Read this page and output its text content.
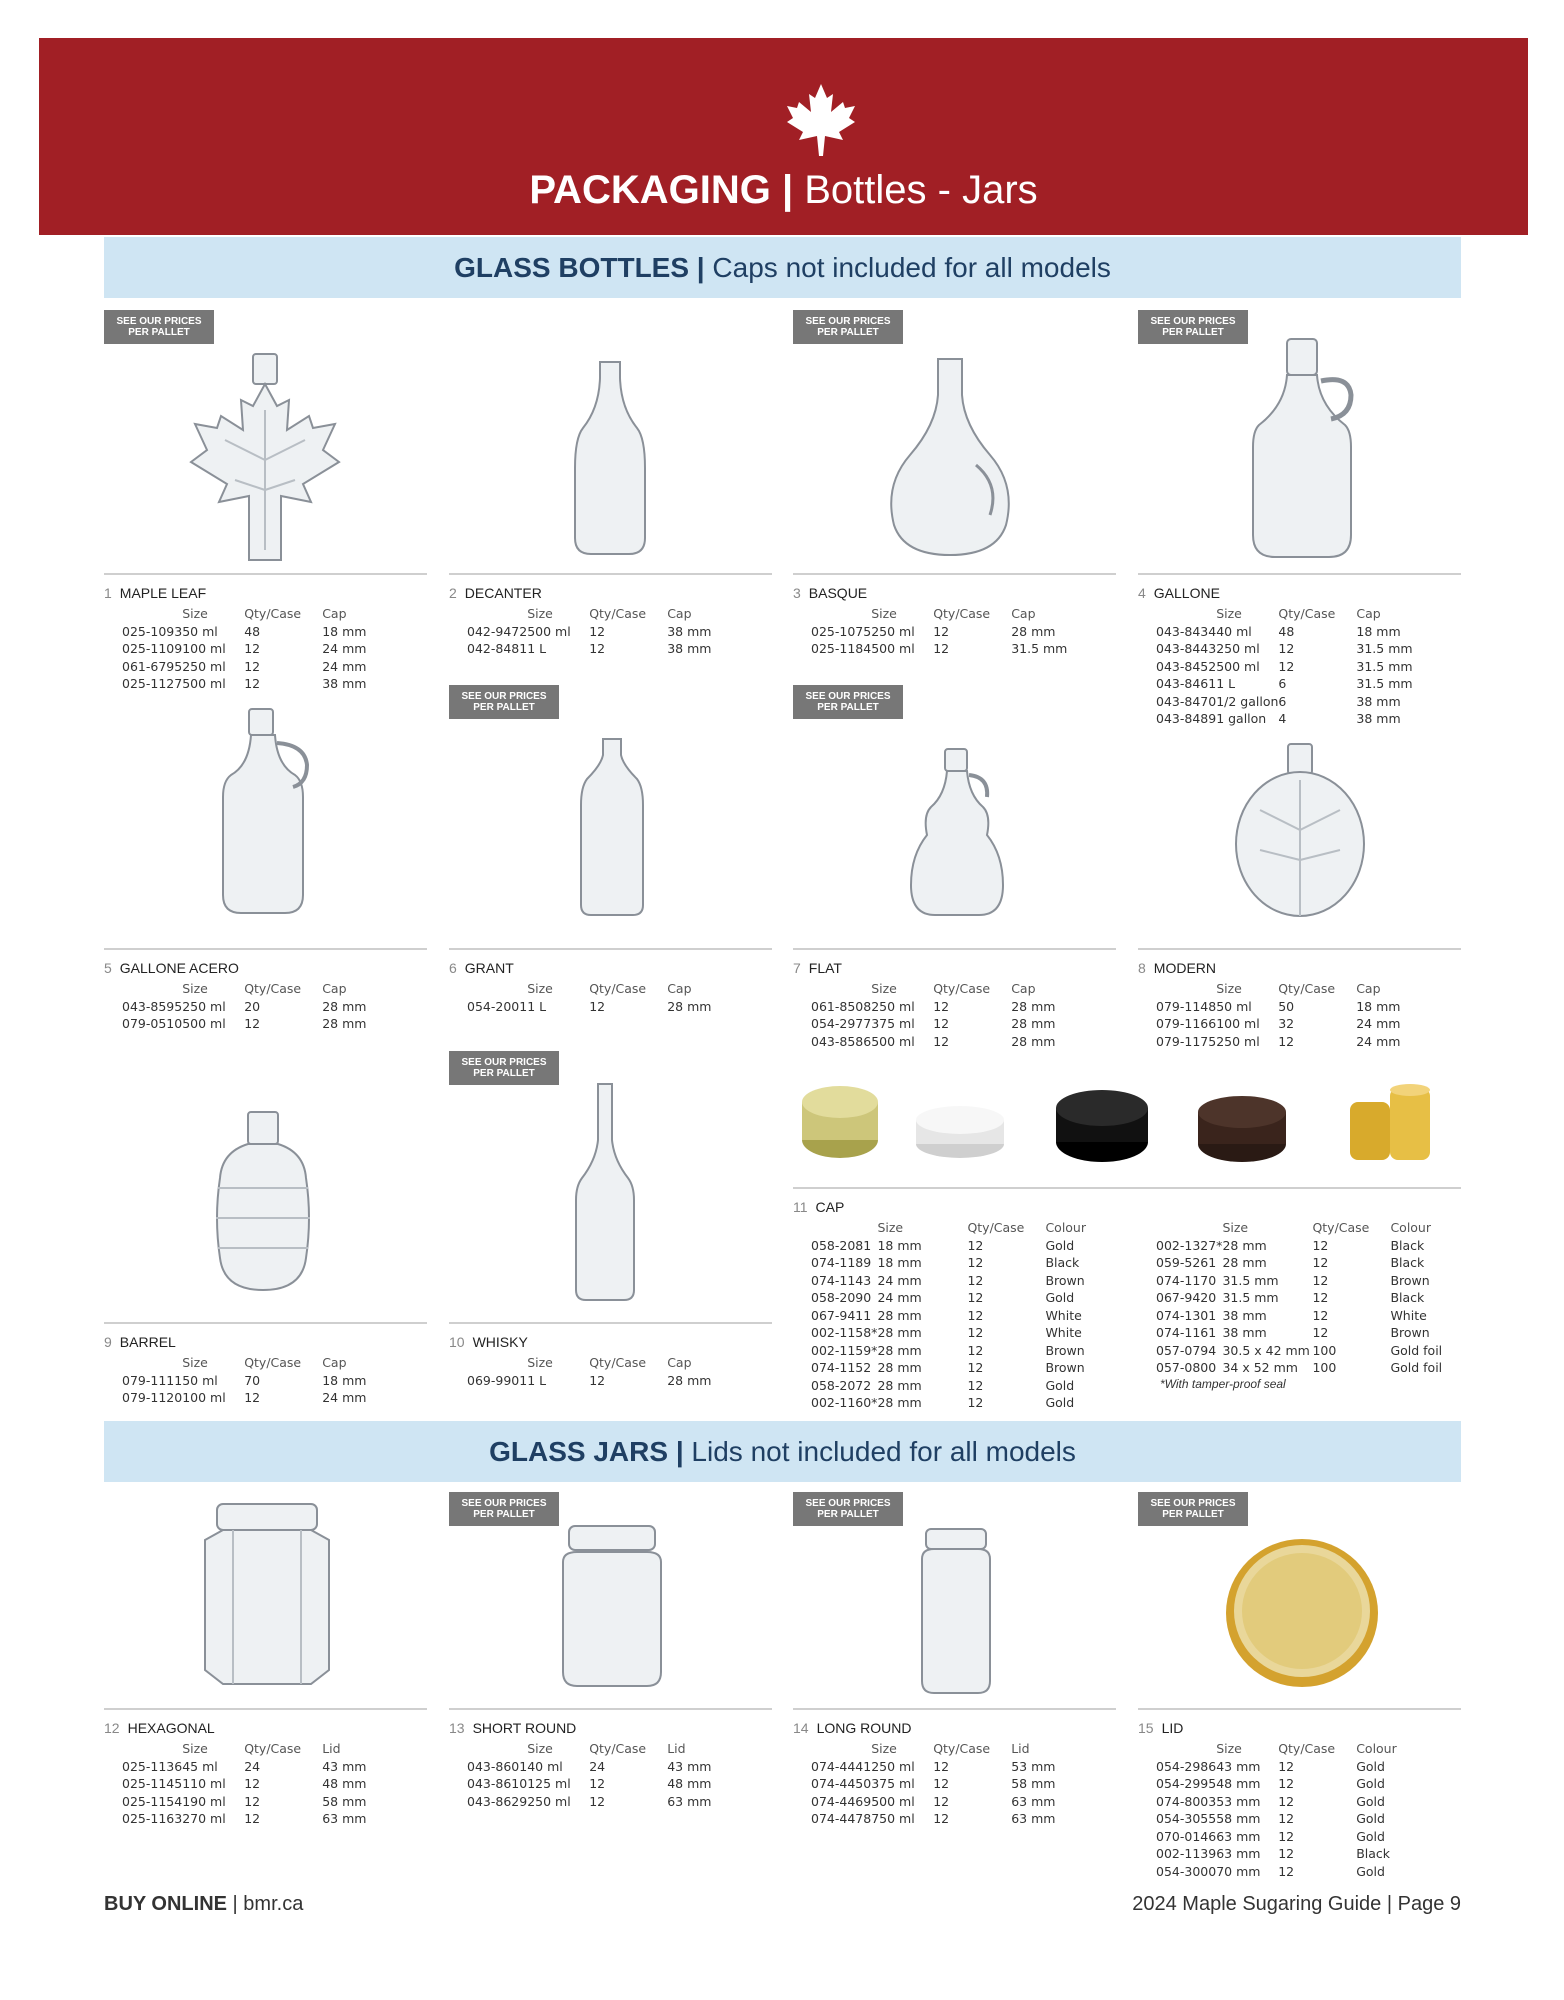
PACKAGING | Bottles - Jars
GLASS BOTTLES | Caps not included for all models
SEE OUR PRICES
PER PALLET
SEE OUR PRICES
PER PALLET
SEE OUR PRICES
PER PALLET
SEE OUR PRICES
PER PALLET
SEE OUR PRICES
PER PALLET
SEE OUR PRICES
PER PALLET
SEE OUR PRICES
PER PALLET
SEE OUR PRICES
PER PALLET
SEE OUR PRICES
PER PALLET
1 MAPLE LEAF
	Size	Qty/Case	Cap
025-1093	50 ml	48	18 mm
025-1109	100 ml	12	24 mm
061-6795	250 ml	12	24 mm
025-1127	500 ml	12	38 mm
2 DECANTER
	Size	Qty/Case	Cap
042-9472	500 ml	12	38 mm
042-8481	1 L	12	38 mm
3 BASQUE
	Size	Qty/Case	Cap
025-1075	250 ml	12	28 mm
025-1184	500 ml	12	31.5 mm
4 GALLONE
	Size	Qty/Case	Cap
043-8434	40 ml	48	18 mm
043-8443	250 ml	12	31.5 mm
043-8452	500 ml	12	31.5 mm
043-8461	1 L	6	31.5 mm
043-8470	1/2 gallon	6	38 mm
043-8489	1 gallon	4	38 mm
5 GALLONE ACERO
	Size	Qty/Case	Cap
043-8595	250 ml	20	28 mm
079-0510	500 ml	12	28 mm
6 GRANT
	Size	Qty/Case	Cap
054-2001	1 L	12	28 mm
7 FLAT
	Size	Qty/Case	Cap
061-8508	250 ml	12	28 mm
054-2977	375 ml	12	28 mm
043-8586	500 ml	12	28 mm
8 MODERN
	Size	Qty/Case	Cap
079-1148	50 ml	50	18 mm
079-1166	100 ml	32	24 mm
079-1175	250 ml	12	24 mm
9 BARREL
	Size	Qty/Case	Cap
079-1111	50 ml	70	18 mm
079-1120	100 ml	12	24 mm
10 WHISKY
	Size	Qty/Case	Cap
069-9901	1 L	12	28 mm
11 CAP
	Size	Qty/Case	Colour
058-2081	18 mm	12	Gold
074-1189	18 mm	12	Black
074-1143	24 mm	12	Brown
058-2090	24 mm	12	Gold
067-9411	28 mm	12	White
002-1158*	28 mm	12	White
002-1159*	28 mm	12	Brown
074-1152	28 mm	12	Brown
058-2072	28 mm	12	Gold
002-1160*	28 mm	12	Gold
	Size	Qty/Case	Colour
002-1327*	28 mm	12	Black
059-5261	28 mm	12	Black
074-1170	31.5 mm	12	Brown
067-9420	31.5 mm	12	Black
074-1301	38 mm	12	White
074-1161	38 mm	12	Brown
057-0794	30.5 x 42 mm	100	Gold foil
057-0800	34 x 52 mm	100	Gold foil
*With tamper-proof seal
GLASS JARS | Lids not included for all models
12 HEXAGONAL
	Size	Qty/Case	Lid
025-1136	45 ml	24	43 mm
025-1145	110 ml	12	48 mm
025-1154	190 ml	12	58 mm
025-1163	270 ml	12	63 mm
13 SHORT ROUND
	Size	Qty/Case	Lid
043-8601	40 ml	24	43 mm
043-8610	125 ml	12	48 mm
043-8629	250 ml	12	63 mm
14 LONG ROUND
	Size	Qty/Case	Lid
074-4441	250 ml	12	53 mm
074-4450	375 ml	12	58 mm
074-4469	500 ml	12	63 mm
074-4478	750 ml	12	63 mm
15 LID
	Size	Qty/Case	Colour
054-2986	43 mm	12	Gold
054-2995	48 mm	12	Gold
074-8003	53 mm	12	Gold
054-3055	58 mm	12	Gold
070-0146	63 mm	12	Gold
002-1139	63 mm	12	Black
054-3000	70 mm	12	Gold
BUY ONLINE | bmr.ca	2024 Maple Sugaring Guide | Page 9
